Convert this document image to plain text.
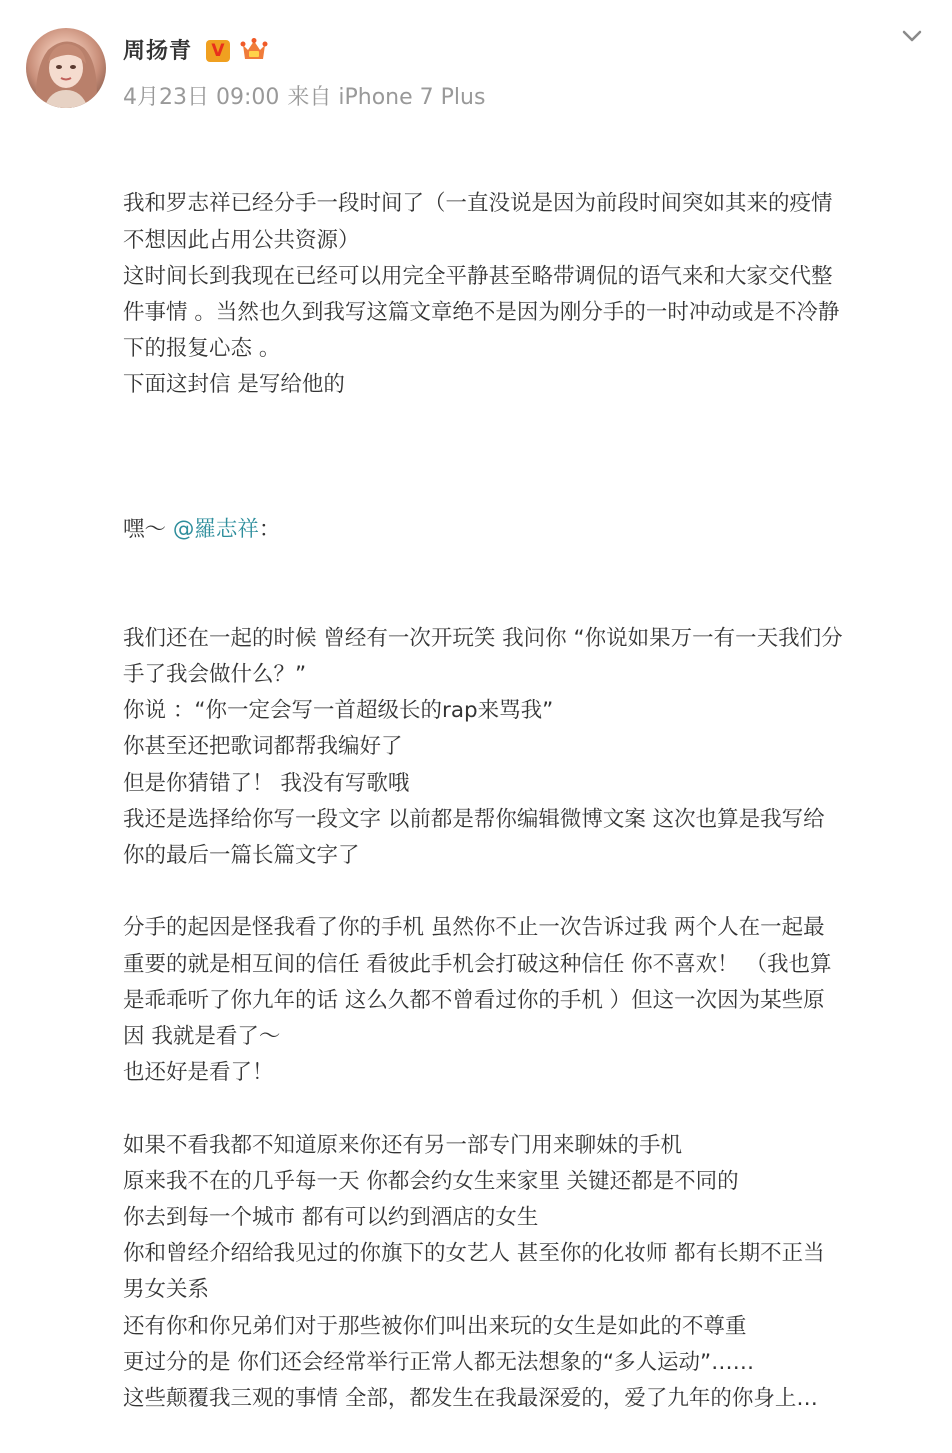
周扬青	V
4月23日 09:00 来自 iPhone 7 Plus

我和罗志祥已经分手一段时间了（一直没说是因为前段时间突如其来的疫情
不想因此占用公共资源）
这时间长到我现在已经可以用完全平静甚至略带调侃的语气来和大家交代整
件事情 。当然也久到我写这篇文章绝不是因为刚分手的一时冲动或是不冷静
下的报复心态 。
下面这封信 是写给他的

嘿～ @羅志祥：

我们还在一起的时候 曾经有一次开玩笑 我问你 “你说如果万一有一天我们分
手了我会做什么？”
你说 ：“你一定会写一首超级长的rap来骂我”
你甚至还把歌词都帮我编好了
但是你猜错了！ 我没有写歌哦
我还是选择给你写一段文字 以前都是帮你编辑微博文案 这次也算是我写给
你的最后一篇长篇文字了
分手的起因是怪我看了你的手机 虽然你不止一次告诉过我 两个人在一起最
重要的就是相互间的信任 看彼此手机会打破这种信任 你不喜欢！ （我也算
是乖乖听了你九年的话 这么久都不曾看过你的手机 ）但这一次因为某些原
因 我就是看了～
也还好是看了！
如果不看我都不知道原来你还有另一部专门用来聊妹的手机
原来我不在的几乎每一天 你都会约女生来家里 关键还都是不同的
你去到每一个城市 都有可以约到酒店的女生
你和曾经介绍给我见过的你旗下的女艺人 甚至你的化妆师 都有长期不正当
男女关系
还有你和你兄弟们对于那些被你们叫出来玩的女生是如此的不尊重
更过分的是 你们还会经常举行正常人都无法想象的“多人运动”……
这些颠覆我三观的事情 全部，都发生在我最深爱的，爱了九年的你身上…
